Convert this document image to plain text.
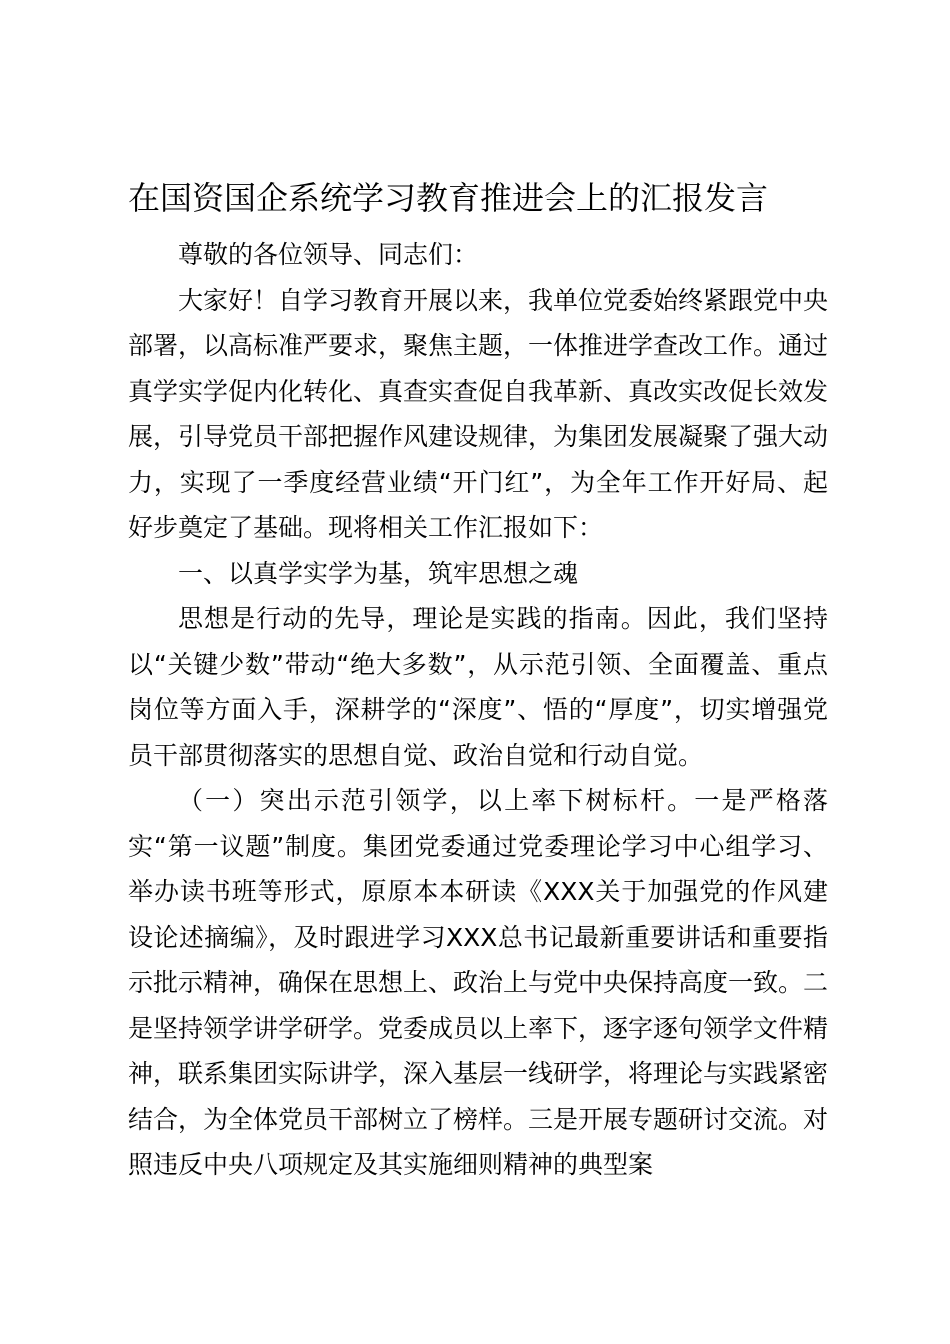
在国资国企系统学习教育推进会上的汇报发言

尊敬的各位领导、同志们：

大家好！自学习教育开展以来，我单位党委始终紧跟党中央部署，以高标准严要求，聚焦主题，一体推进学查改工作。通过真学实学促内化转化、真查实查促自我革新、真改实改促长效发展，引导党员干部把握作风建设规律，为集团发展凝聚了强大动力，实现了一季度经营业绩“开门红”，为全年工作开好局、起好步奠定了基础。现将相关工作汇报如下：

一、以真学实学为基，筑牢思想之魂

思想是行动的先导，理论是实践的指南。因此，我们坚持以“关键少数”带动“绝大多数”，从示范引领、全面覆盖、重点岗位等方面入手，深耕学的“深度”、悟的“厚度”，切实增强党员干部贯彻落实的思想自觉、政治自觉和行动自觉。

（一）突出示范引领学，以上率下树标杆。一是严格落实“第一议题”制度。集团党委通过党委理论学习中心组学习、举办读书班等形式，原原本本研读《XXX关于加强党的作风建设论述摘编》，及时跟进学习XXX总书记最新重要讲话和重要指示批示精神，确保在思想上、政治上与党中央保持高度一致。二是坚持领学讲学研学。党委成员以上率下，逐字逐句领学文件精神，联系集团实际讲学，深入基层一线研学，将理论与实践紧密结合，为全体党员干部树立了榜样。三是开展专题研讨交流。对照违反中央八项规定及其实施细则精神的典型案
